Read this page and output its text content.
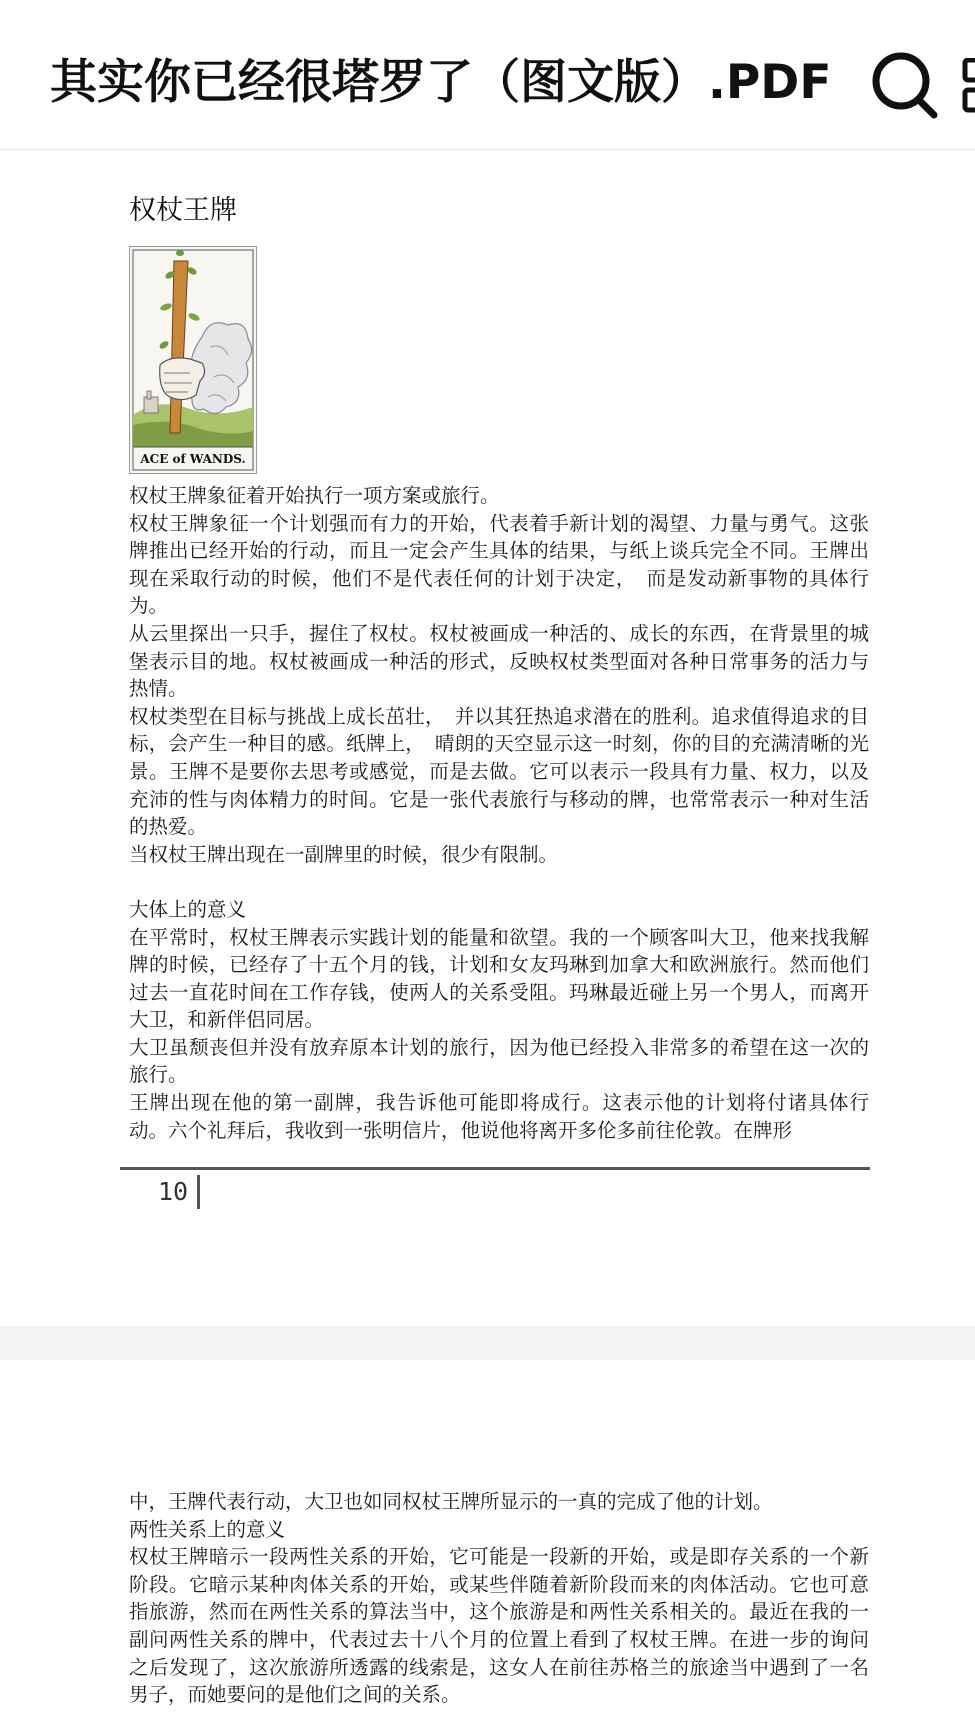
其实你已经很塔罗了（图文版）.PDF
权杖王牌
ACE of WANDS.

权杖王牌象征着开始执行一项方案或旅行。

权杖王牌象征一个计划强而有力的开始，代表着手新计划的渴望、力量与勇气。这张牌推出已经开始的行动，而且一定会产生具体的结果，与纸上谈兵完全不同。王牌出现在采取行动的时候，他们不是代表任何的计划于决定，　而是发动新事物的具体行为。

从云里探出一只手，握住了权杖。权杖被画成一种活的、成长的东西，在背景里的城堡表示目的地。权杖被画成一种活的形式，反映权杖类型面对各种日常事务的活力与热情。

权杖类型在目标与挑战上成长茁壮，　并以其狂热追求潜在的胜利。追求值得追求的目标，会产生一种目的感。纸牌上，　晴朗的天空显示这一时刻，你的目的充满清晰的光景。王牌不是要你去思考或感觉，而是去做。它可以表示一段具有力量、权力，以及充沛的性与肉体精力的时间。它是一张代表旅行与移动的牌，也常常表示一种对生活的热爱。

当权杖王牌出现在一副牌里的时候，很少有限制。

大体上的意义

在平常时，权杖王牌表示实践计划的能量和欲望。我的一个顾客叫大卫，他来找我解牌的时候，已经存了十五个月的钱，计划和女友玛琳到加拿大和欧洲旅行。然而他们过去一直花时间在工作存钱，使两人的关系受阻。玛琳最近碰上另一个男人，而离开大卫，和新伴侣同居。

大卫虽颓丧但并没有放弃原本计划的旅行，因为他已经投入非常多的希望在这一次的旅行。

王牌出现在他的第一副牌，我告诉他可能即将成行。这表示他的计划将付诸具体行动。六个礼拜后，我收到一张明信片，他说他将离开多伦多前往伦敦。在牌形

10

中，王牌代表行动，大卫也如同权杖王牌所显示的一真的完成了他的计划。

两性关系上的意义

权杖王牌暗示一段两性关系的开始，它可能是一段新的开始，或是即存关系的一个新阶段。它暗示某种肉体关系的开始，或某些伴随着新阶段而来的肉体活动。它也可意指旅游，然而在两性关系的算法当中，这个旅游是和两性关系相关的。最近在我的一副问两性关系的牌中，代表过去十八个月的位置上看到了权杖王牌。在进一步的询问之后发现了，这次旅游所透露的线索是，这女人在前往苏格兰的旅途当中遇到了一名男子，而她要问的是他们之间的关系。
